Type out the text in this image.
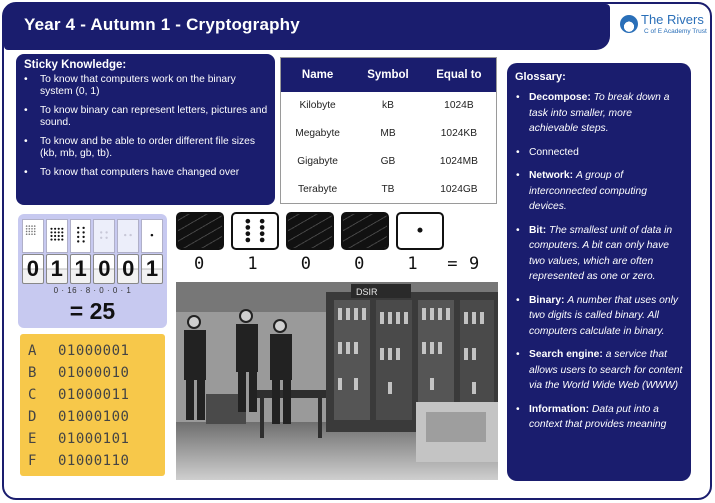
Year 4 - Autumn 1 - Cryptography	The Rivers
C of E Academy Trust
Sticky Knowledge:
• To know that computers work on the binary system (0, 1)
• To know binary can represent letters, pictures and sound.
• To know and be able to order different file sizes (kb, mb, gb, tb).
• To know that computers have changed over
Name	Symbol	Equal to
Kilobyte	kB	1024B
Megabyte	MB	1024KB
Gigabyte	GB	1024MB
Terabyte	TB	1024GB
Glossary:
• Decompose: To break down a task into smaller, more achievable steps.
• Connected
• Network: A group of interconnected computing devices.
• Bit: The smallest unit of data in computers. A bit can only have two values, which are often represented as one or zero.
• Binary: A number that uses only two digits is called binary. All computers calculate in binary.
• Search engine: a service that allows users to search for content via the World Wide Web (WWW)
• Information: Data put into a context that provides meaning
0 1 1 0 0 1
0 · 16 · 8 · 0 · 0 · 1
= 25
A	01000001
B	01000010
C	01000011
D	01000100
E	01000101
F	01000110
0	1	0	0	1	= 9
DSIR
